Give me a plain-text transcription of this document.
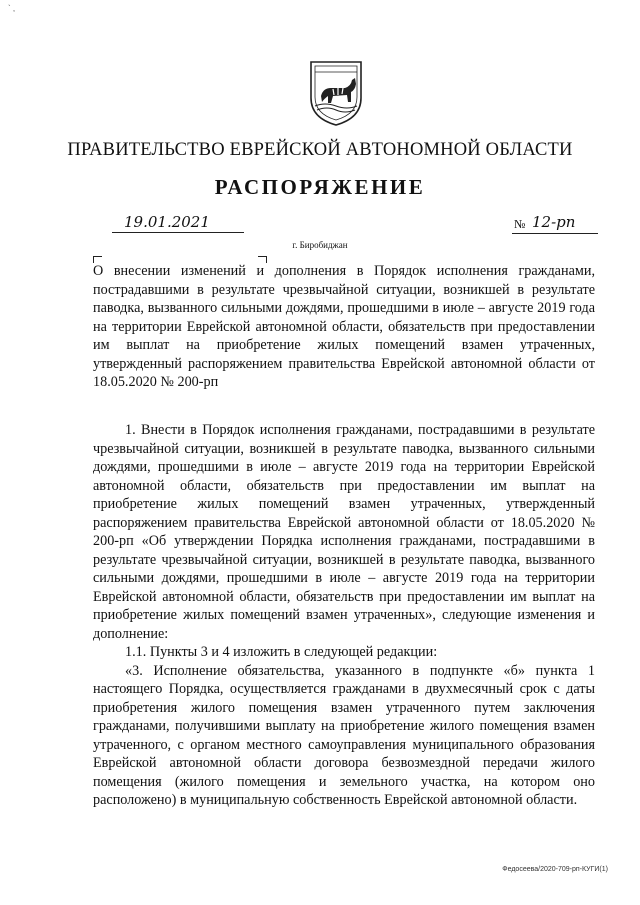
` ,
ПРАВИТЕЛЬСТВО ЕВРЕЙСКОЙ АВТОНОМНОЙ ОБЛАСТИ
РАСПОРЯЖЕНИЕ
19.01.2021	№ 12-рп
г. Биробиджан

О внесении изменений и дополнения в Порядок исполнения гражданами, пострадавшими в результате чрезвычайной ситуации, возникшей в результате паводка, вызванного сильными дождями, прошедшими в июле – августе 2019 года на территории Еврейской автономной области, обязательств при предоставлении им выплат на приобретение жилых помещений взамен утраченных, утвержденный распоряжением правительства Еврейской автономной области от 18.05.2020 № 200-рп

1. Внести в Порядок исполнения гражданами, пострадавшими в результате чрезвычайной ситуации, возникшей в результате паводка, вызванного сильными дождями, прошедшими в июле – августе 2019 года на территории Еврейской автономной области, обязательств при предоставлении им выплат на приобретение жилых помещений взамен утраченных, утвержденный распоряжением правительства Еврейской автономной области от 18.05.2020 № 200-рп «Об утверждении Порядка исполнения гражданами, пострадавшими в результате чрезвычайной ситуации, возникшей в результате паводка, вызванного сильными дождями, прошедшими в июле – августе 2019 года на территории Еврейской автономной области, обязательств при предоставлении им выплат на приобретение жилых помещений взамен утраченных», следующие изменения и дополнение:

1.1. Пункты 3 и 4 изложить в следующей редакции:

«3. Исполнение обязательства, указанного в подпункте «б» пункта 1 настоящего Порядка, осуществляется гражданами в двухмесячный срок с даты приобретения жилого помещения взамен утраченного путем заключения гражданами, получившими выплату на приобретение жилого помещения взамен утраченного, с органом местного самоуправления муниципального образования Еврейской автономной области договора безвозмездной передачи жилого помещения (жилого помещения и земельного участка, на котором оно расположено) в муниципальную собственность Еврейской автономной области.

Федосеева/2020-709-рп-КУГИ(1)
